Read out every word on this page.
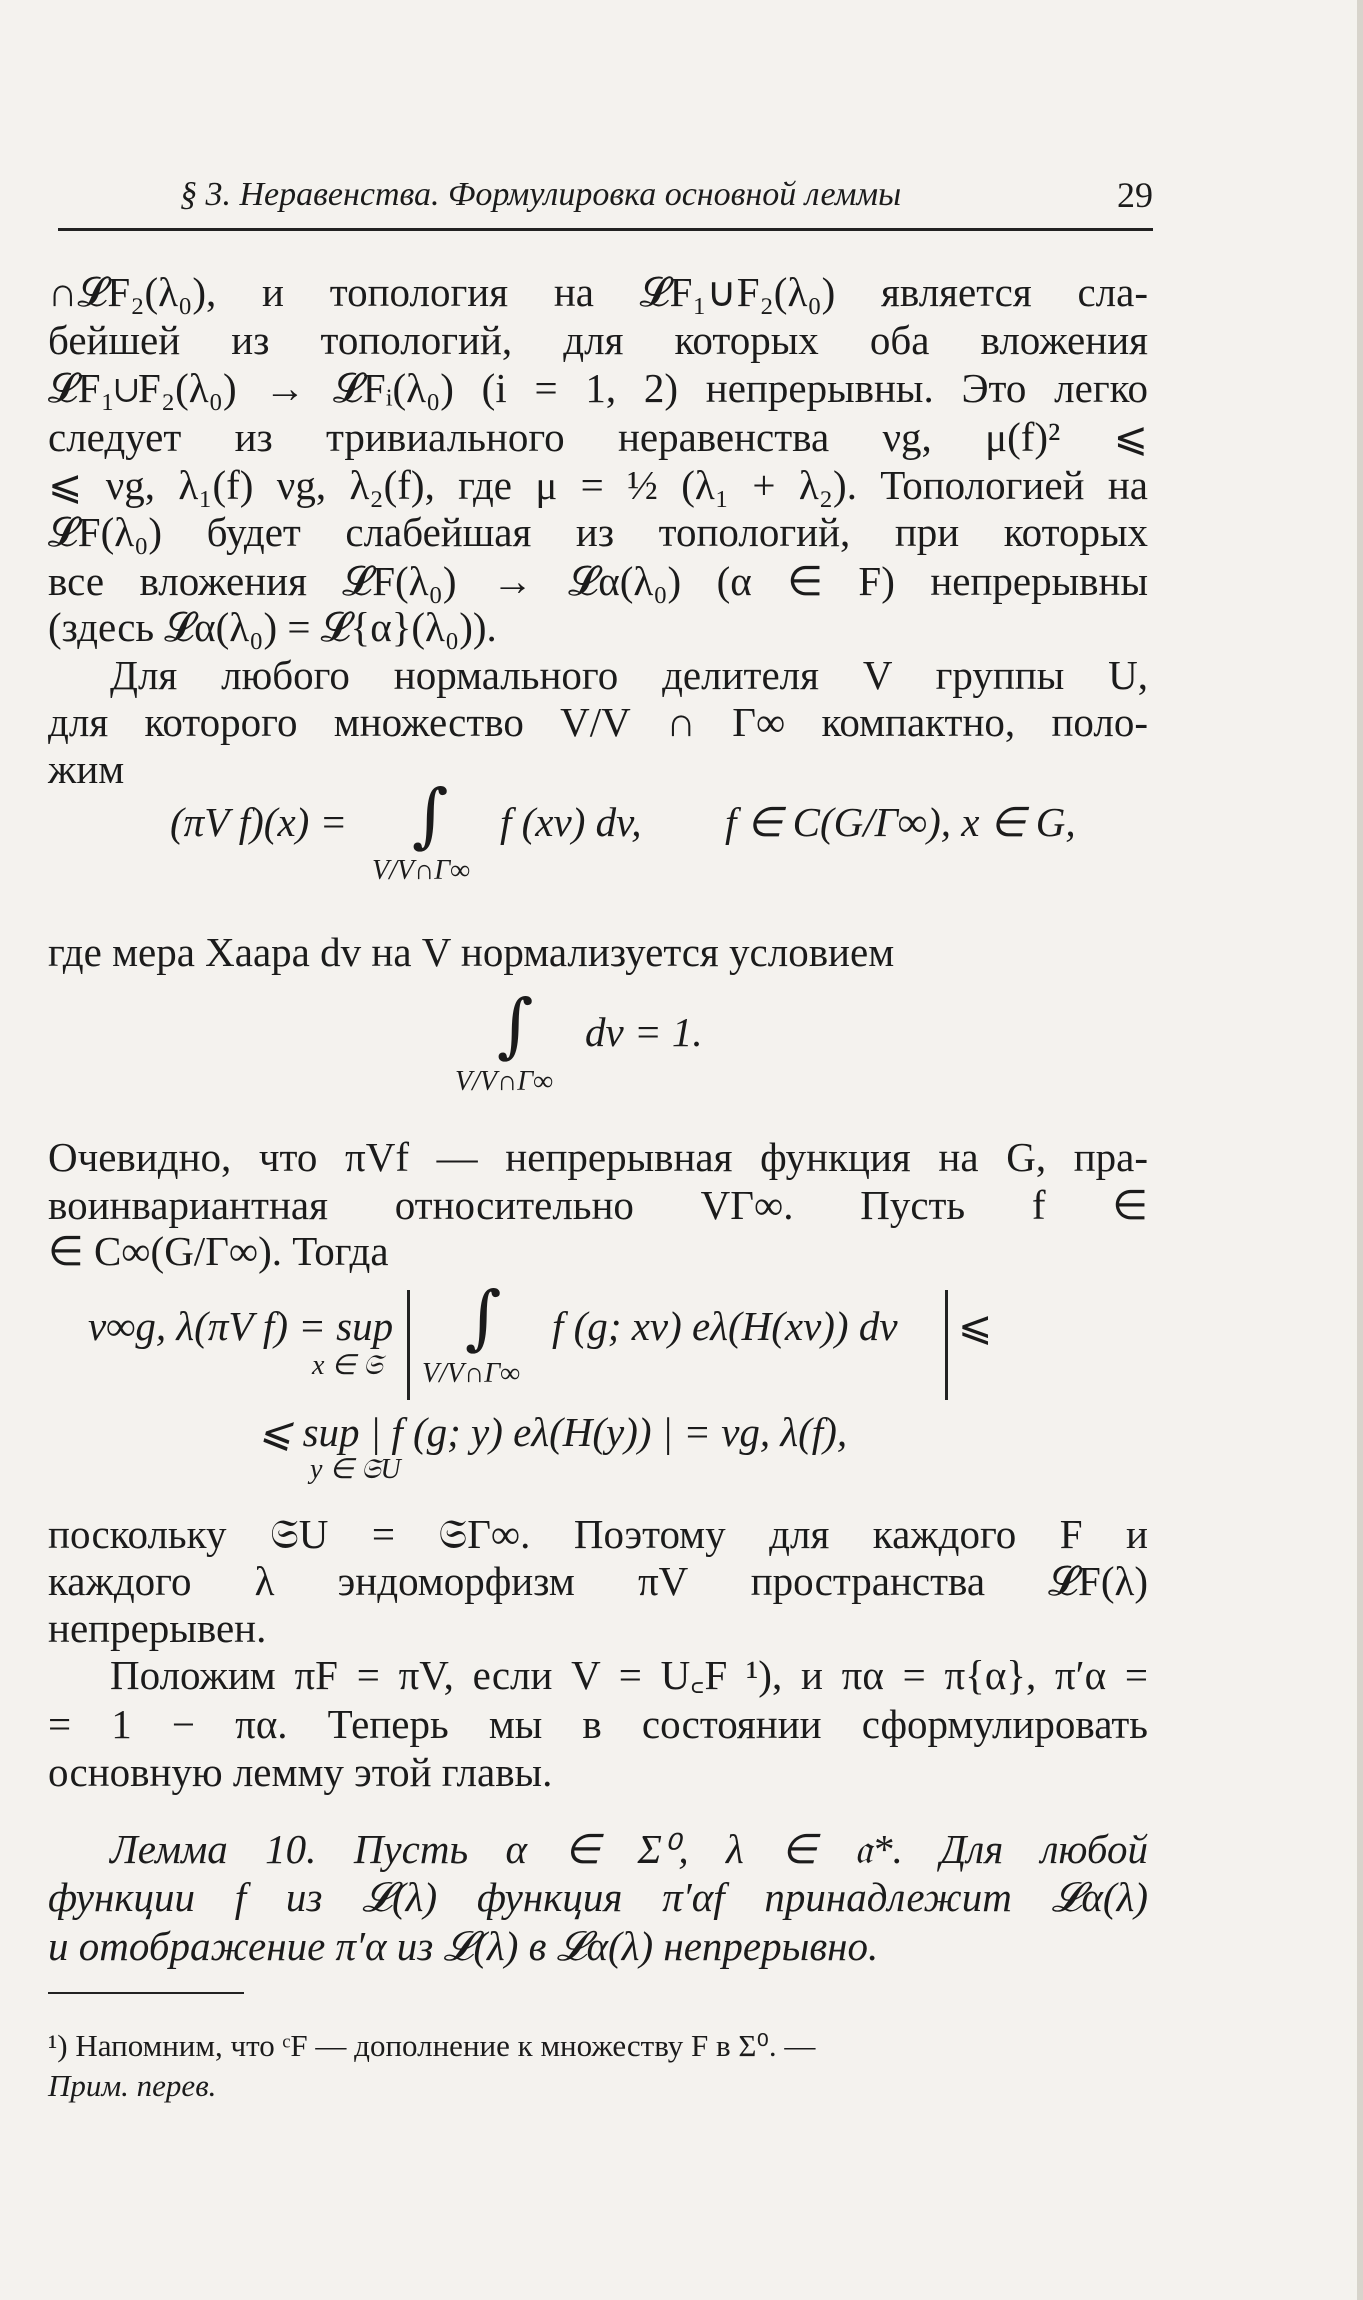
§ 3. Неравенства. Формулировка основной леммы	29
∩𝓛F₂(λ₀), и топология на 𝓛F₁∪F₂(λ₀) является сла-
бейшей из топологий, для которых оба вложения
𝓛F₁∪F₂(λ₀) → 𝓛Fᵢ(λ₀) (i = 1, 2) непрерывны. Это легко
следует из тривиального неравенства νg, μ(f)² ⩽
⩽ νg, λ₁(f) νg, λ₂(f), где μ = ½ (λ₁ + λ₂). Топологией на
𝓛F(λ₀) будет слабейшая из топологий, при которых
все вложения 𝓛F(λ₀) → 𝓛α(λ₀) (α ∈ F) непрерывны
(здесь 𝓛α(λ₀) = 𝓛{α}(λ₀)).
Для любого нормального делителя V группы U,
для которого множество V/V ∩ Γ∞ компактно, поло-
жим
(πV f)(x) = ∫ f (xv) dv, f ∈ C(G/Γ∞), x ∈ G,
V/V∩Γ∞
где мера Хаара dv на V нормализуется условием
∫ dv = 1.
V/V∩Γ∞
Очевидно, что πVf — непрерывная функция на G, пра-
воинвариантная относительно VΓ∞. Пусть f ∈
∈ C∞(G/Γ∞). Тогда
ν∞g, λ(πV f) = sup
x ∈ 𝔖
∫ f (g; xv) eλ(H(xv)) dv
V/V∩Γ∞
⩽
⩽ sup | f (g; y) eλ(H(y)) | = νg, λ(f),
y ∈ 𝔖U
поскольку 𝔖U = 𝔖Γ∞. Поэтому для каждого F и
каждого λ эндоморфизм πV пространства 𝓛F(λ)
непрерывен.
Положим πF = πV, если V = U꜀F ¹), и πα = π{α}, π′α =
= 1 − πα. Теперь мы в состоянии сформулировать
основную лемму этой главы.
Лемма 10. Пусть α ∈ Σ⁰, λ ∈ 𝔞*. Для любой
функции f из 𝓛(λ) функция π′αf принадлежит 𝓛α(λ)
и отображение π′α из 𝓛(λ) в 𝓛α(λ) непрерывно.
¹) Напомним, что ᶜF — дополнение к множеству F в Σ⁰. —
Прим. перев.
